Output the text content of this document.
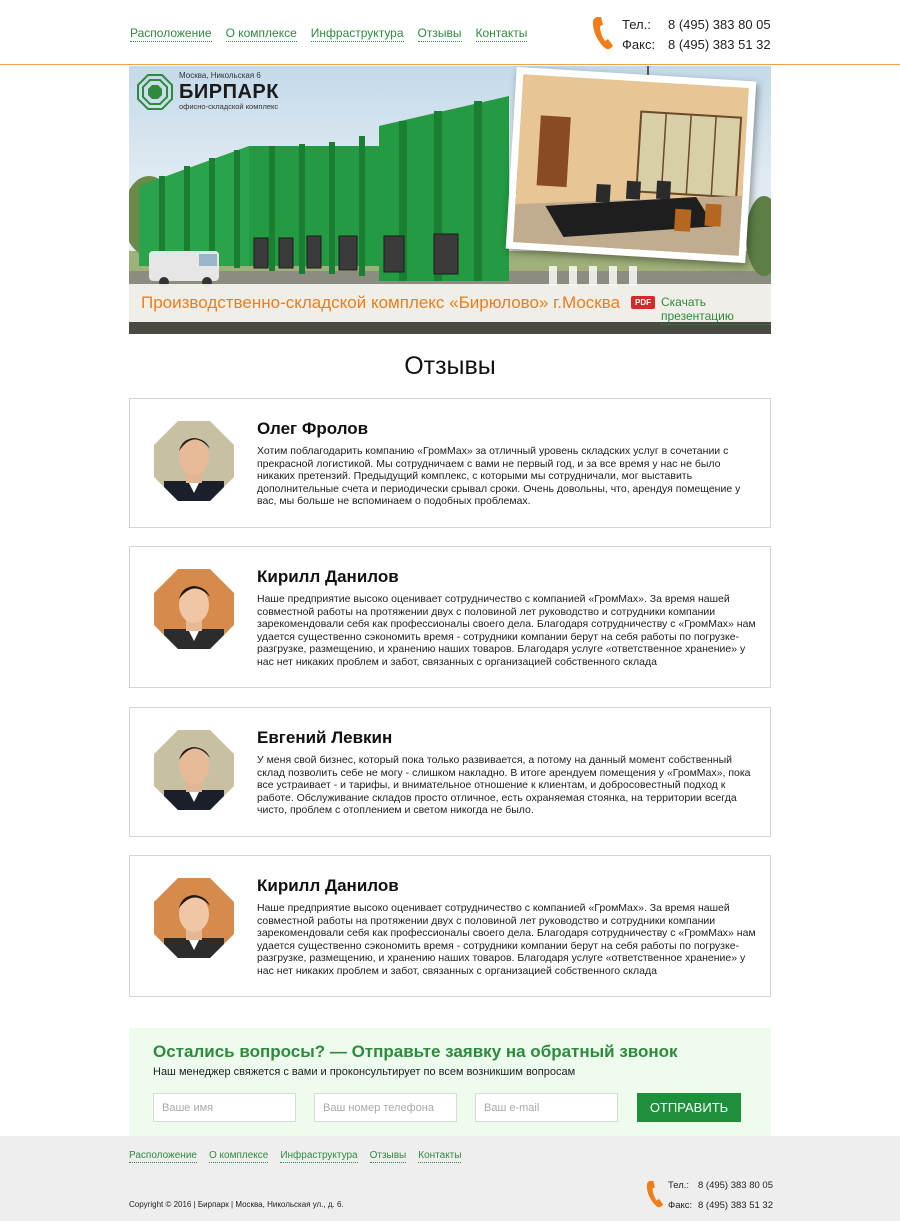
Расположение О комплексе Инфраструктура Отзывы Контакты
Тел.:	8 (495) 383 80 05
Факс: 8 (495) 383 51 32
Москва, Никольская 6
БИРПАРК
офисно-складской комплекс
Производственно-складской комплекс «Бирюлово» г.Москва	PDF Скачать презентацию
Отзывы
Олег Фролов
Хотим поблагодарить компанию «ГромMax» за отличный уровень складских услуг в сочетании с прекрасной логистикой. Мы сотрудничаем с вами не первый год, и за все время у нас не было никаких претензий. Предыдущий комплекс, с которыми мы сотрудничали, мог выставить дополнительные счета и периодически срывал сроки. Очень довольны, что, арендуя помещение у вас, мы больше не вспоминаем о подобных проблемах.
Кирилл Данилов
Наше предприятие высоко оценивает сотрудничество с компанией «ГромMax». За время нашей совместной работы на протяжении двух с половиной лет руководство и сотрудники компании зарекомендовали себя как профессионалы своего дела. Благодаря сотрудничеству с «ГромMax» нам удается существенно сэкономить время - сотрудники компании берут на себя работы по погрузке-разгрузке, размещению, и хранению наших товаров. Благодаря услуге «ответственное хранение» у нас нет никаких проблем и забот, связанных с организацией собственного склада
Евгений Левкин
У меня свой бизнес, который пока только развивается, а потому на данный момент собственный склад позволить себе не могу - слишком накладно. В итоге арендуем помещения у «ГромMax», пока все устраивает - и тарифы, и внимательное отношение к клиентам, и добросовестный подход к работе. Обслуживание складов просто отличное, есть охраняемая стоянка, на территории всегда чисто, проблем с отоплением и светом никогда не было.
Кирилл Данилов
Наше предприятие высоко оценивает сотрудничество с компанией «ГромMax». За время нашей совместной работы на протяжении двух с половиной лет руководство и сотрудники компании зарекомендовали себя как профессионалы своего дела. Благодаря сотрудничеству с «ГромMax» нам удается существенно сэкономить время - сотрудники компании берут на себя работы по погрузке-разгрузке, размещению, и хранению наших товаров. Благодаря услуге «ответственное хранение» у нас нет никаких проблем и забот, связанных с организацией собственного склада
Остались вопросы? — Отправьте заявку на обратный звонок
Наш менеджер свяжется с вами и проконсультирует по всем возникшим вопросам
Ваше имя
Ваш номер телефона
Ваш e-mail
ОТПРАВИТЬ
Расположение О комплексе Инфраструктура Отзывы Контакты
Copyright © 2016 | Бирпарк | Москва, Никольская ул., д. 6.
Тел.: 8 (495) 383 80 05
Факс: 8 (495) 383 51 32
